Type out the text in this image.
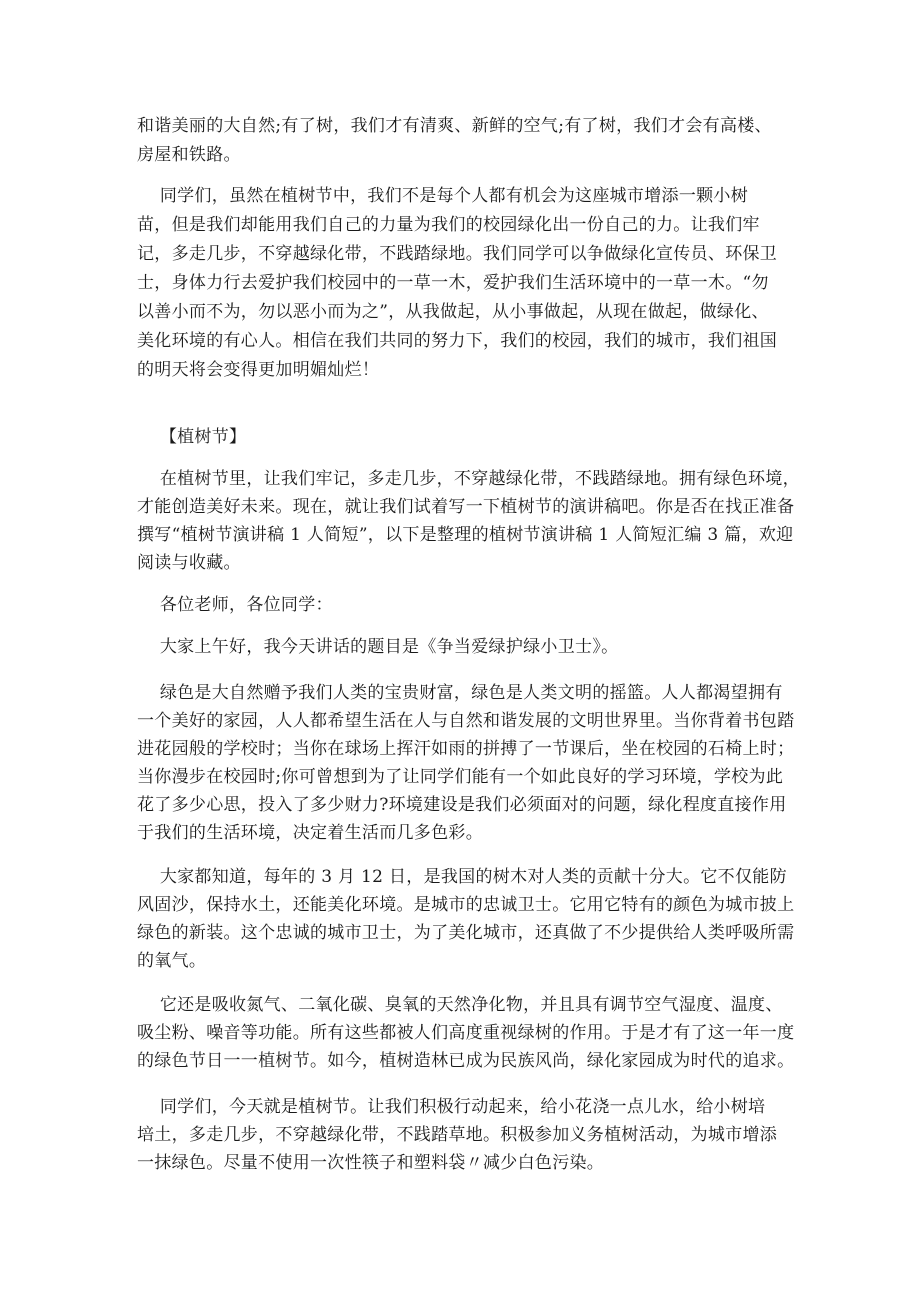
和谐美丽的大自然;有了树，我们才有清爽、新鲜的空气;有了树，我们才会有高楼、
房屋和铁路。
同学们，虽然在植树节中，我们不是每个人都有机会为这座城市增添一颗小树
苗，但是我们却能用我们自己的力量为我们的校园绿化出一份自己的力。让我们牢
记，多走几步，不穿越绿化带，不践踏绿地。我们同学可以争做绿化宣传员、环保卫
士，身体力行去爱护我们校园中的一草一木，爱护我们生活环境中的一草一木。“勿
以善小而不为，勿以恶小而为之”，从我做起，从小事做起，从现在做起，做绿化、
美化环境的有心人。相信在我们共同的努力下，我们的校园，我们的城市，我们祖国
的明天将会变得更加明媚灿烂！
【植树节】
在植树节里，让我们牢记，多走几步，不穿越绿化带，不践踏绿地。拥有绿色环境，
才能创造美好未来。现在，就让我们试着写一下植树节的演讲稿吧。你是否在找正准备
撰写“植树节演讲稿 1 人简短”，以下是整理的植树节演讲稿 1 人简短汇编 3 篇，欢迎
阅读与收藏。
各位老师，各位同学：
大家上午好，我今天讲话的题目是《争当爱绿护绿小卫士》。
绿色是大自然赠予我们人类的宝贵财富，绿色是人类文明的摇篮。人人都渴望拥有
一个美好的家园，人人都希望生活在人与自然和谐发展的文明世界里。当你背着书包踏
进花园般的学校时；当你在球场上挥汗如雨的拼搏了一节课后，坐在校园的石椅上时；
当你漫步在校园时;你可曾想到为了让同学们能有一个如此良好的学习环境，学校为此
花了多少心思，投入了多少财力?环境建设是我们必须面对的问题，绿化程度直接作用
于我们的生活环境，决定着生活而几多色彩。
大家都知道，每年的 3 月 12 日，是我国的树木对人类的贡献十分大。它不仅能防
风固沙，保持水土，还能美化环境。是城市的忠诚卫士。它用它特有的颜色为城市披上
绿色的新装。这个忠诚的城市卫士，为了美化城市，还真做了不少提供给人类呼吸所需
的氧气。
它还是吸收氮气、二氧化碳、臭氧的天然净化物，并且具有调节空气湿度、温度、
吸尘粉、噪音等功能。所有这些都被人们高度重视绿树的作用。于是才有了这一年一度
的绿色节日一一植树节。如今，植树造林已成为民族风尚，绿化家园成为时代的追求。
同学们，今天就是植树节。让我们积极行动起来，给小花浇一点儿水，给小树培
培土，多走几步，不穿越绿化带，不践踏草地。积极参加义务植树活动，为城市增添
一抹绿色。尽量不使用一次性筷子和塑料袋〃减少白色污染。
